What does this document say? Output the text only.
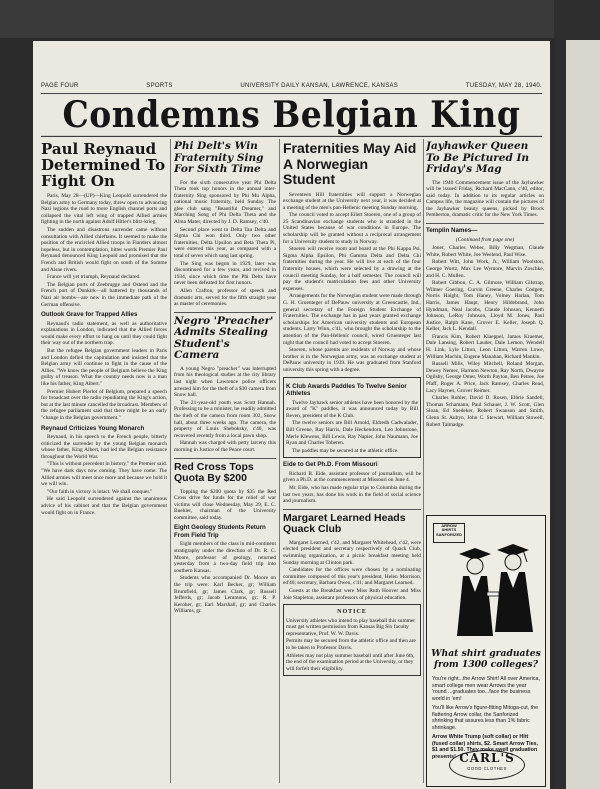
PAGE FOUR	SPORTS	UNIVERSITY DAILY KANSAN, LAWRENCE, KANSAS	TUESDAY, MAY 28, 1940.
Condemns Belgian King
Paul Reynaud Determined To Fight On

Paris, May 28—(UP)—King Leopold surrendered the Belgian army to Germany today, threw open to advancing Nazi legions the road to more English channel ports and collapsed the vital left wing of trapped Allied armies fighting in the north against Adolf Hitler's blitz-krieg.

The sudden and disastrous surrender came without consultation with Allied chieftains. It seemed to make the position of the encircled Allied troops in Flanders almost hopeless, but in contemplation, bitter words Premier Paul Reynaud denounced King Leopold and promised that the French and British would fight on south of the Somme and Aisne rivers.

France will yet triumph, Reynaud declared.

The Belgian ports of Zeebrugge and Ostend and the French port of Dunkirk—all battered by thousands of Nazi air bombs—are now in the immediate path of the German offensive.

Outlook Grave for Trapped Allies

Reynaud's radio statement, as well as authoritative explanations in London, indicated that the Allied forces would make every effort to hang on until they could fight their way out of the northern trap.

But the refugee Belgian government leaders in Paris and London defied the capitulation and insisted that the Belgian army will continue to fight in the cause of the Allies. "We know the people of Belgium believe the King guilty of treason. What the country needs now is a man like his father, King Albert."

Premier Hubert Pierlot of Belgium, prepared a speech for broadcast over the radio repudiating the King's action, but at the last minute cancelled the broadcast. Members of the refugee parliament said that there might be an early "change in the Belgian government."

Reynaud Criticizes Young Monarch

Reynaud, in his speech to the French people, bitterly criticized the surrender by the young Belgian monarch whose father, King Albert, had led the Belgian resistance throughout the World War.

"This is without precedent in history," the Premier said. "We have dark days now coming. They have come. The Allied armies will meet once more and because we hold it we will win.

"Our faith in victory is intact. We shall conquer."

He said Leopold surrendered against the unanimous advice of his cabinet and that the Belgian government would fight on in France.

Phi Delt's Win Fraternity Sing For Sixth Time

For the sixth consecutive year Phi Delta Theta took top honors in the annual inter-fraternity Sing sponsored by Phi Mu Alpha, national music fraternity, held Sunday. The glee club sang "Beautiful Dreamer," and Marching Song of Phi Delta Theta and the Alma Mater, directed by J. D. Ramsey, c'40.

Second place went to Delta Tau Delta and Sigma Chi won third. Only two other fraternities, Delta Upsilon and Beta Theta Pi, were entered this year, as compared with a total of seven which sang last spring.

The Sing was begun in 1929, later was discontinued for a few years, and revived in 1934, since which time the Phi Delts have never been defeated for first honors.

Allen Crafton, professor of speech and dramatic arts, served for the fifth straight year as master of ceremonies.

Negro 'Preacher' Admits Stealing Student's Camera

A young Negro "preacher" was interrupted from his theological studies at the city library last night when Lawrence police officers arrested him for the theft of a $30 camera from Snow hall.

The 21-year-old youth was Scott Hannah. Professing to be a minister, he readily admitted the theft of the camera from room 302, Snow hall, about three weeks ago. The camera, the property of Louis Sheboksky, c'40, was recovered recently from a local pawn shop.

Hannah was charged with petty larceny this morning in Justice of the Peace court.

Red Cross Tops Quota By $200

Topping the $200 quota by $35 the Red Cross drive for funds for the relief of war victims will close Wednesday, May 29, E. C. Buehler, chairman of the University committee, said today.

Eight Geology Students Return From Field Trip

Eight members of the class in mid-continent stratigraphy under the direction of Dr. R. C. Moore, professor of geology, returned yesterday from a two-day field trip into southern Kansas.

Students who accompanied Dr. Moore on the trip were: Karl Becker, gr; William Brumfield, gr; James Clark, gr; Russell Jefferds, gr; Jacob Lemmons, gr; R. P. Keroher, gr; Earl Marshall, gr; and Charles Williams, gr.

Fraternities May Aid A Norwegian Student

Seventeen Hill fraternities will support a Norwegian exchange student at the University next year, it was decided at a meeting of the men's pan-Hellenic meeting Sunday morning.

The council voted to accept Eilert Stoeren, one of a group of 25 Scandinavian exchange students who is stranded in the United States because of war conditions in Europe. The scholarship will be granted without a reciprocal arrangement for a University student to study in Norway.

Stoeren will receive room and board at the Phi Kappa Psi, Sigma Alpha Epsilon, Phi Gamma Delta and Delta Chi fraternities during the year. He will live at each of the four fraternity houses, which were selected by a drawing at the council meeting Sunday, for a half semester. The council will pay the student's matriculation fees and other University expenses.

Arrangements for the Norwegian student were made through G. H. Gruenteger of DePauw university at Greencastle, Ind., general secretary of the Foreign Student Exchange of Fraternities. The exchange has in past years granted exchange scholarships for American university students and European students. Larry Winn, c'41, who brought the scholarship to the attention of the Pan-Hellenic council, wired Gruenteger last night that the council had voted to accept Stoeren.

Stoeren, whose parents are residents of Norway and whose brother is in the Norwegian army, was an exchange student at DePauw university in 1939. He was graduated from Stanford university this spring with a degree.

K Club Awards Paddles To Twelve Senior Athletes

Twelve Jayhawk senior athletes have been honored by the award of "K" paddles, it was announced today by Bill Beven, president of the K Club.

The twelve seniors are Bill Arnold, Eldredh Cadwalader, Bill Greene, Ray Harris, Dale Heckendorn, Leo Johnstone, Merle Klewens, Bill Lewis, Ray Napier, John Naumann, Joe Ryan and Charles Toberen.

The paddles may be secured at the athletic office.

Eide to Get Ph.D. From Missouri

Richard B. Eide, assistant professor of journalism, will be given a Ph.D. at the commencement at Missouri on June 4.

Mr. Eide, who has made regular trips to Columbia during the last two years, has done his work in the field of social science and journalism.

Margaret Learned Heads Quack Club

Margaret Learned, c'42, and Margaret Whitehead, c'42, were elected president and secretary respectively of Quack Club, swimming organization, at a picnic breakfast meeting held Sunday morning at Clinton park.

Candidates for the offices were chosen by a nominating committee composed of this year's president, Helen Morrison, ed'40; secretary, Barbara Owen, c'41; and Margaret Learned.

Guests at the Breakfast were Miss Ruth Hoover and Miss Joie Stapleton, assistant professors of physical education.

NOTICE

University athletes who intend to play baseball this summer must get written permission from Kansas Big Six faculty representative, Prof. W. W. Davis.

Permits may be secured from the athletic office and then are to be taken to Professor Davis.

Athletes may not play summer baseball until after June 6th, the end of the examination period at the University, or they will forfeit their eligibility.

Jayhawker Queen To Be Pictured In Friday's Mag

The 1940 Commencement issue of the Jayhawker will be issued Friday, Richard MacCann, c'40, editor, said today. In addition to its regular articles on Campus life, the magazine will contain the pictures of the Jayhawker beauty queens, picked by Brock Pemberton, dramatic critic for the New York Times.

Templin Names—
(Continued from page one)

Joner, Charles Weber, Billy Wegman, Claude White, Robert White, Joe Weelend, Paul Wise.

Robert Witt, John Work, Jr., William Woolston, George Wortz, Max Lee Wymore, Marvin Zoschke, and H. C. Mullen.

Robert Gibbon, C. A. Gilmore, William Gilstrap, Wilmer Goering, Curvin Greene, Charles Codgett, Norris Haight, Tom Haney, Volney Harlan, Tom Harris, James Haupt, Henry Hildebrand, John Hyndman, Neal Jacobs, Claude Johnson, Kenneth Johnson, LeRoy Johnson, Lloyd M. Jones, Paul Justice, Ralph Kane, Grover E. Keller, Joseph Q. Keller, Jack L. Kendall.

Francis Kim, Robert Klaeppel, James Kraemer, Dale Lansing, Robert Lauder, Dale Lemon, Wendell H. Link, Lyle Litton, Leon Litton, Warren Lowe, William Machin, Eugene Manahan, Richard Mankin.

Russell Mills, Wiley Mitchell, Roland Morgan, Dewey Nemec, Harmon Newton, Ray North, Dwayne Ogilsby, George Omer, Worth Payton, Ben Petree, Joe Pfaff, Roger A. Price, Jack Ramsey, Charles Read, Lacy Haynes, Grover Reimer.

Charles Rohler, David D. Rosen, Elbrie Sandell, Thomas Schamann, Paul Schauer, J. W. Scott, Glen Sloan, Ed Snedeker, Robert Swanson and Smith, Glenn St. Aubyn, John C. Stewart, William Stowell, Robert Talmadge.

ARROW
SHIRTS
SANFORIZED
What shirt graduates from 1300 colleges?

You're right...the Arrow Shirt! All over America, smart college men wear Arrows the year 'round ...graduates too...face the business world in 'em!

You'll like Arrow's figure-fitting Mitoga-cut, the flattering Arrow collar, the Sanforized shrinking that assures less than 1% fabric shrinkage.

Arrow White Trump (soft collar) or Hitt (fused collar) shirts, $2. Smart Arrow Ties, $1 and $1.50. They make swell graduation presents! CARL'S
GOOD CLOTHES
